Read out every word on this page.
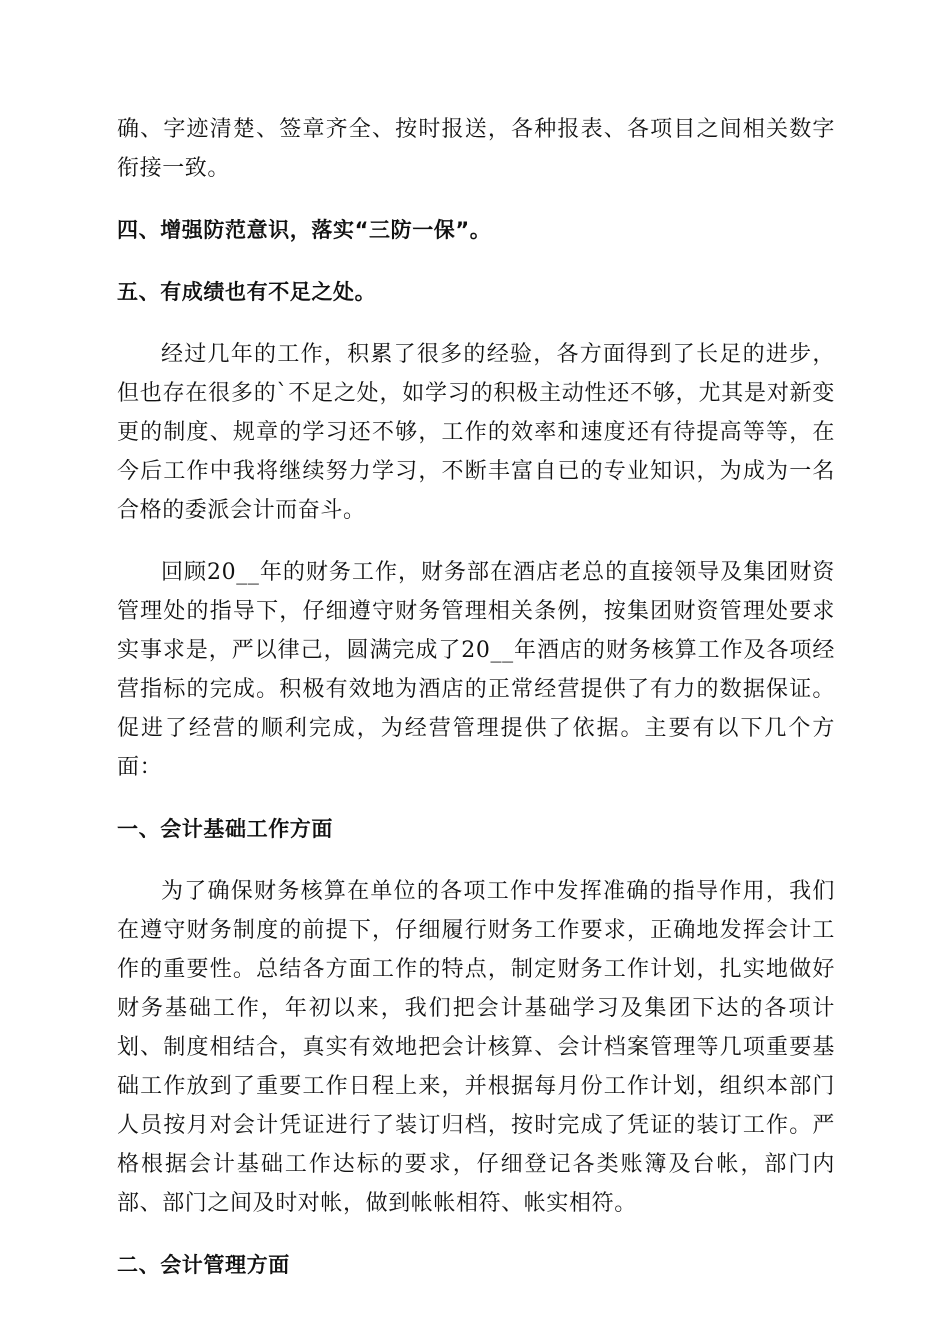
确、字迹清楚、签章齐全、按时报送，各种报表、各项目之间相关数字衔接一致。

四、增强防范意识，落实“三防一保”。
五、有成绩也有不足之处。

经过几年的工作，积累了很多的经验，各方面得到了长足的进步，但也存在很多的`不足之处，如学习的积极主动性还不够，尤其是对新变更的制度、规章的学习还不够，工作的效率和速度还有待提高等等，在今后工作中我将继续努力学习，不断丰富自已的专业知识，为成为一名合格的委派会计而奋斗。

回顾20__年的财务工作，财务部在酒店老总的直接领导及集团财资管理处的指导下，仔细遵守财务管理相关条例，按集团财资管理处要求实事求是，严以律己，圆满完成了20__年酒店的财务核算工作及各项经营指标的完成。积极有效地为酒店的正常经营提供了有力的数据保证。促进了经营的顺利完成，为经营管理提供了依据。主要有以下几个方面：

一、会计基础工作方面

为了确保财务核算在单位的各项工作中发挥准确的指导作用，我们在遵守财务制度的前提下，仔细履行财务工作要求，正确地发挥会计工作的重要性。总结各方面工作的特点，制定财务工作计划，扎实地做好财务基础工作，年初以来，我们把会计基础学习及集团下达的各项计划、制度相结合，真实有效地把会计核算、会计档案管理等几项重要基础工作放到了重要工作日程上来，并根据每月份工作计划，组织本部门人员按月对会计凭证进行了装订归档，按时完成了凭证的装订工作。严格根据会计基础工作达标的要求，仔细登记各类账簿及台帐，部门内部、部门之间及时对帐，做到帐帐相符、帐实相符。

二、会计管理方面
